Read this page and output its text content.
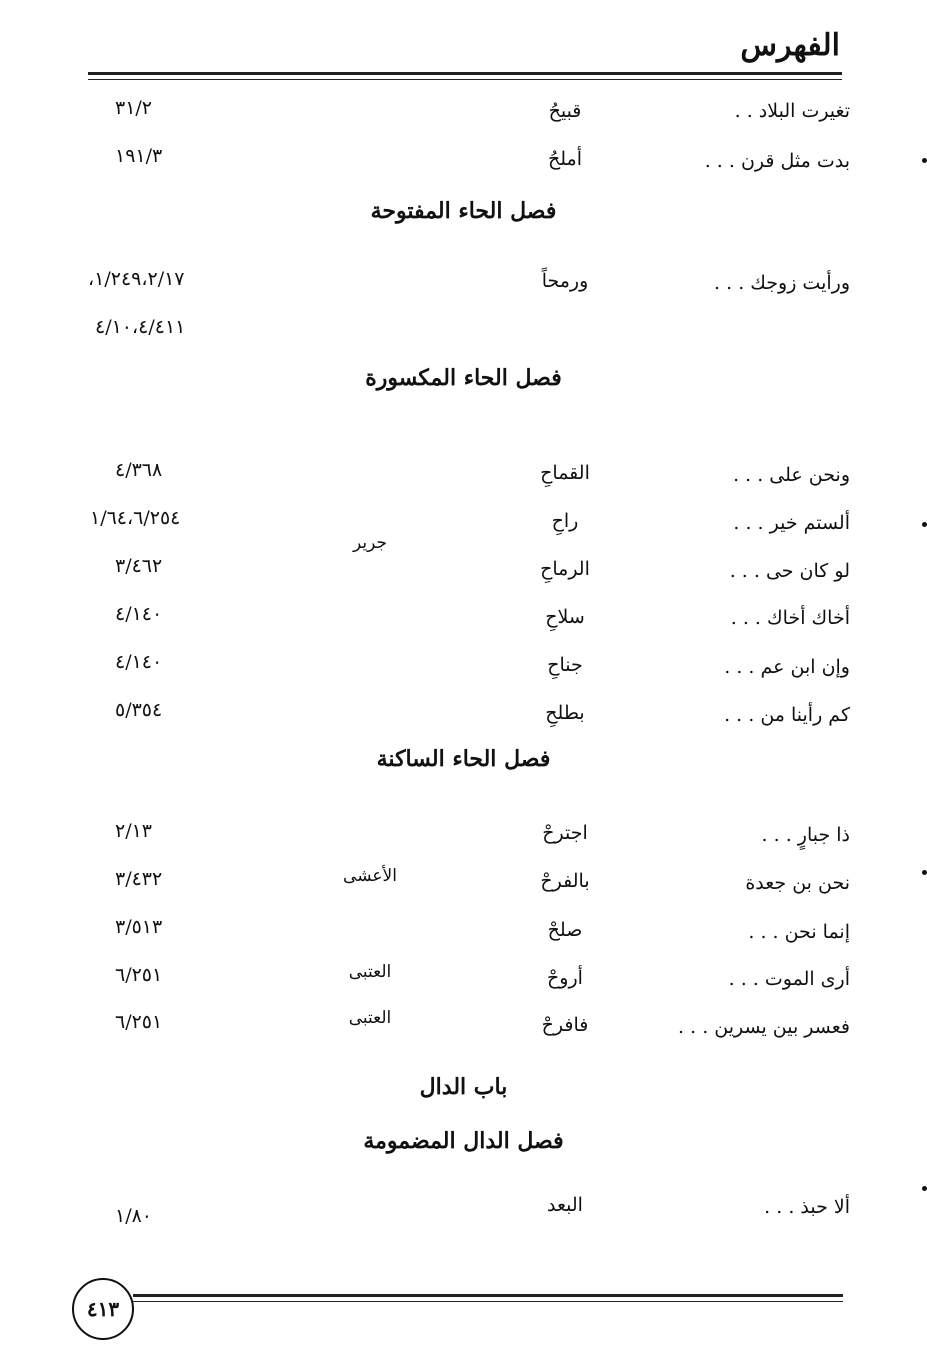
الفهرس
تغيرت البلاد . .
قبيحُ
٣١/٢
بدت مثل قرن . . .
أملحُ
١٩١/٣
فصل الحاء المفتوحة
ورأيت زوجك . . .
ورمحاً
١/٢٤٩،٢/١٧،
٤/١٠،٤/٤١١
فصل الحاء المكسورة
ونحن على . . .
القماحِ
٤/٣٦٨
ألستم خير . . .
راحِ
١/٦٤،٦/٢٥٤
جرير
لو كان حى . . .
الرماحِ
٣/٤٦٢
أخاك أخاك . . .
سلاحِ
٤/١٤٠
وإن ابن عم . . .
جناحِ
٤/١٤٠
كم رأينا من . . .
بطلحِ
٥/٣٥٤
فصل الحاء الساكنة
ذا جبارٍ . . .
اجترحْ
٢/١٣
نحن بن جعدة
بالفرحْ
الأعشى
٣/٤٣٢
إنما نحن . . .
صلحْ
٣/٥١٣
أرى الموت . . .
أروحْ
العتبى
٦/٢٥١
فعسر بين يسرين . . .
فافرحْ
العتبى
٦/٢٥١
باب الدال
فصل الدال المضمومة
ألا حبذ . . .
البعد
١/٨٠
٤١٣
